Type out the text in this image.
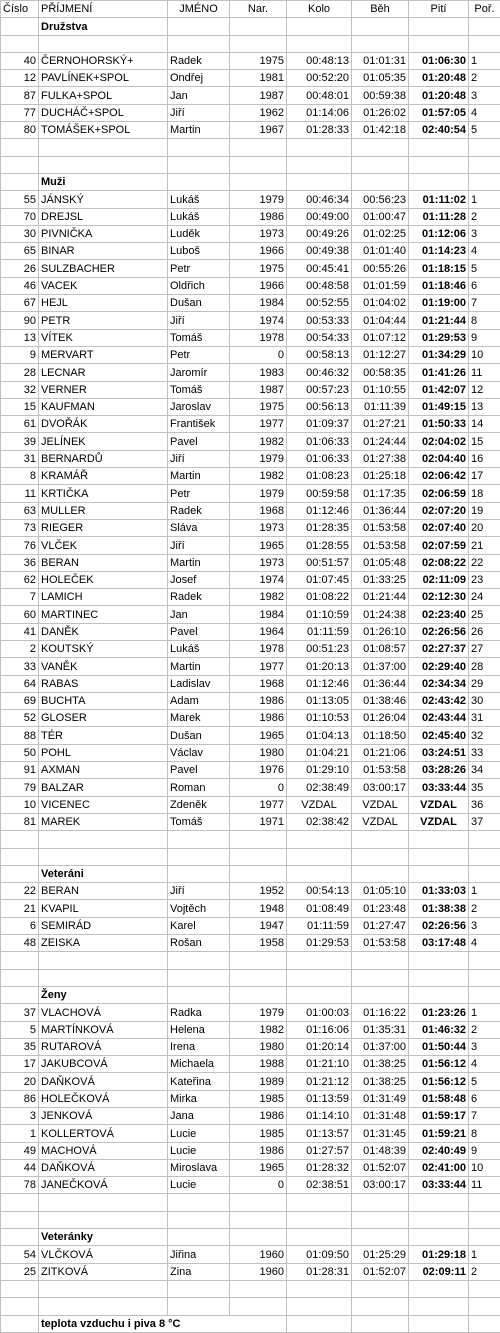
Číslo	PŘÍJMENÍ	JMÉNO	Nar.	Kolo	Běh	Pití	Poř.
	Družstva						

40	ČERNOHORSKÝ+	Radek	1975	00:48:13	01:01:31	01:06:30	1
12	PAVLÍNEK+SPOL	Ondřej	1981	00:52:20	01:05:35	01:20:48	2
87	FULKA+SPOL	Jan	1987	00:48:01	00:59:38	01:20:48	3
77	DUCHÁČ+SPOL	Jiří	1962	01:14:06	01:26:02	01:57:05	4
80	TOMÁŠEK+SPOL	Martin	1967	01:28:33	01:42:18	02:40:54	5

	Muži						
55	JÁNSKÝ	Lukáš	1979	00:46:34	00:56:23	01:11:02	1
70	DREJSL	Lukáš	1986	00:49:00	01:00:47	01:11:28	2
30	PIVNIČKA	Luděk	1973	00:49:26	01:02:25	01:12:06	3
65	BINAR	Luboš	1966	00:49:38	01:01:40	01:14:23	4
26	SULZBACHER	Petr	1975	00:45:41	00:55:26	01:18:15	5
46	VACEK	Oldřich	1966	00:48:58	01:01:59	01:18:46	6
67	HEJL	Dušan	1984	00:52:55	01:04:02	01:19:00	7
90	PETR	Jiří	1974	00:53:33	01:04:44	01:21:44	8
13	VÍTEK	Tomáš	1978	00:54:33	01:07:12	01:29:53	9
9	MERVART	Petr	0	00:58:13	01:12:27	01:34:29	10
28	LECNAR	Jaromír	1983	00:46:32	00:58:35	01:41:26	11
32	VERNER	Tomáš	1987	00:57:23	01:10:55	01:42:07	12
15	KAUFMAN	Jaroslav	1975	00:56:13	01:11:39	01:49:15	13
61	DVOŘÁK	František	1977	01:09:37	01:27:21	01:50:33	14
39	JELÍNEK	Pavel	1982	01:06:33	01:24:44	02:04:02	15
31	BERNARDŮ	Jiří	1979	01:06:33	01:27:38	02:04:40	16
8	KRAMÁŘ	Martin	1982	01:08:23	01:25:18	02:06:42	17
11	KRTIČKA	Petr	1979	00:59:58	01:17:35	02:06:59	18
63	MULLER	Radek	1968	01:12:46	01:36:44	02:07:20	19
73	RIEGER	Sláva	1973	01:28:35	01:53:58	02:07:40	20
76	VLČEK	Jiří	1965	01:28:55	01:53:58	02:07:59	21
36	BERAN	Martin	1973	00:51:57	01:05:48	02:08:22	22
62	HOLEČEK	Josef	1974	01:07:45	01:33:25	02:11:09	23
7	LAMICH	Radek	1982	01:08:22	01:21:44	02:12:30	24
60	MARTINEC	Jan	1984	01:10:59	01:24:38	02:23:40	25
41	DANĚK	Pavel	1964	01:11:59	01:26:10	02:26:56	26
2	KOUTSKÝ	Lukáš	1978	00:51:23	01:08:57	02:27:37	27
33	VANĚK	Martin	1977	01:20:13	01:37:00	02:29:40	28
64	RABAS	Ladislav	1968	01:12:46	01:36:44	02:34:34	29
69	BUCHTA	Adam	1986	01:13:05	01:38:46	02:43:42	30
52	GLOSER	Marek	1986	01:10:53	01:26:04	02:43:44	31
88	TÉR	Dušan	1965	01:04:13	01:18:50	02:45:40	32
50	POHL	Václav	1980	01:04:21	01:21:06	03:24:51	33
91	AXMAN	Pavel	1976	01:29:10	01:53:58	03:28:26	34
79	BALZAR	Roman	0	02:38:49	03:00:17	03:33:44	35
10	VICENEC	Zdeněk	1977	VZDAL	VZDAL	VZDAL	36
81	MAREK	Tomáš	1971	02:38:42	VZDAL	VZDAL	37

	Veteráni						
22	BERAN	Jiří	1952	00:54:13	01:05:10	01:33:03	1
21	KVAPIL	Vojtěch	1948	01:08:49	01:23:48	01:38:38	2
6	SEMIRÁD	Karel	1947	01:11:59	01:27:47	02:26:56	3
48	ZEISKA	Rošan	1958	01:29:53	01:53:58	03:17:48	4

	Ženy						
37	VLACHOVÁ	Radka	1979	01:00:03	01:16:22	01:23:26	1
5	MARTÍNKOVÁ	Helena	1982	01:16:06	01:35:31	01:46:32	2
35	RUTAROVÁ	Irena	1980	01:20:14	01:37:00	01:50:44	3
17	JAKUBCOVÁ	Michaela	1988	01:21:10	01:38:25	01:56:12	4
20	DAŇKOVÁ	Kateřina	1989	01:21:12	01:38:25	01:56:12	5
86	HOLEČKOVÁ	Mirka	1985	01:13:59	01:31:49	01:58:48	6
3	JENKOVÁ	Jana	1986	01:14:10	01:31:48	01:59:17	7
1	KOLLERTOVÁ	Lucie	1985	01:13:57	01:31:45	01:59:21	8
49	MACHOVÁ	Lucie	1986	01:27:57	01:48:39	02:40:49	9
44	DAŇKOVÁ	Miroslava	1965	01:28:32	01:52:07	02:41:00	10
78	JANEČKOVÁ	Lucie	0	02:38:51	03:00:17	03:33:44	11

	Veteránky						
54	VLČKOVÁ	Jiřina	1960	01:09:50	01:25:29	01:29:18	1
25	ZITKOVÁ	Zina	1960	01:28:31	01:52:07	02:09:11	2

	teplota vzduchu i piva 8 °C						
